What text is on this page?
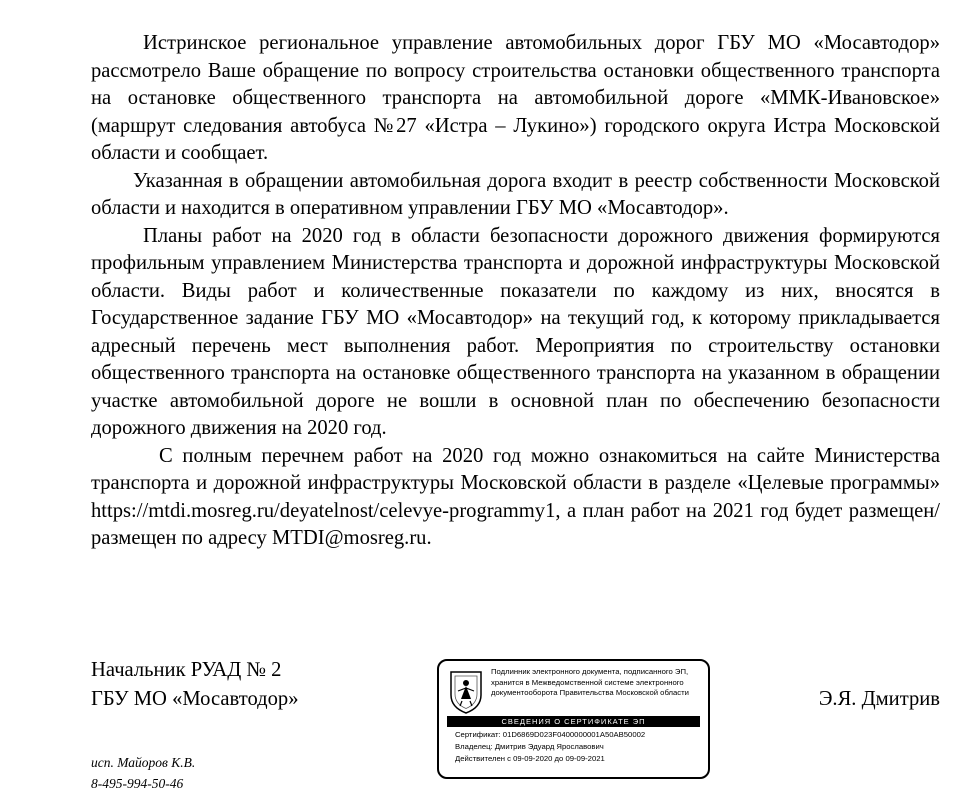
Истринское региональное управление автомобильных дорог ГБУ МО «Мосавтодор» рассмотрело Ваше обращение по вопросу строительства остановки общественного транспорта на остановке общественного транспорта на автомобильной дороге «ММК-Ивановское» (маршрут следования автобуса №27 «Истра – Лукино») городского округа Истра Московской области и сообщает.

Указанная в обращении автомобильная дорога входит в реестр собственности Московской области и находится в оперативном управлении ГБУ МО «Мосавтодор».

Планы работ на 2020 год в области безопасности дорожного движения формируются профильным управлением Министерства транспорта и дорожной инфраструктуры Московской области. Виды работ и количественные показатели по каждому из них, вносятся в Государственное задание ГБУ МО «Мосавтодор» на текущий год, к которому прикладывается адресный перечень мест выполнения работ. Мероприятия по строительству остановки общественного транспорта на остановке общественного транспорта на указанном в обращении участке автомобильной дороге не вошли в основной план по обеспечению безопасности дорожного движения на 2020 год.

С полным перечнем работ на 2020 год можно ознакомиться на сайте Министерства транспорта и дорожной инфраструктуры Московской области в разделе «Целевые программы» https://mtdi.mosreg.ru/deyatelnost/celevye-programmy1, а план работ на 2021 год будет размещен/ размещен по адресу MTDI@mosreg.ru.

Начальник РУАД № 2
ГБУ МО «Мосавтодор»
Подлинник электронного документа, подписанного ЭП,
хранится в Межведомственной системе электронного
документооборота Правительства Московской области
СВЕДЕНИЯ О СЕРТИФИКАТЕ ЭП
Сертификат: 01D6869D023F0400000001A50AB50002
Владелец: Дмитрив Эдуард Ярославович
Действителен с 09-09-2020 до 09-09-2021
Э.Я. Дмитрив
исп. Майоров К.В.
8-495-994-50-46
